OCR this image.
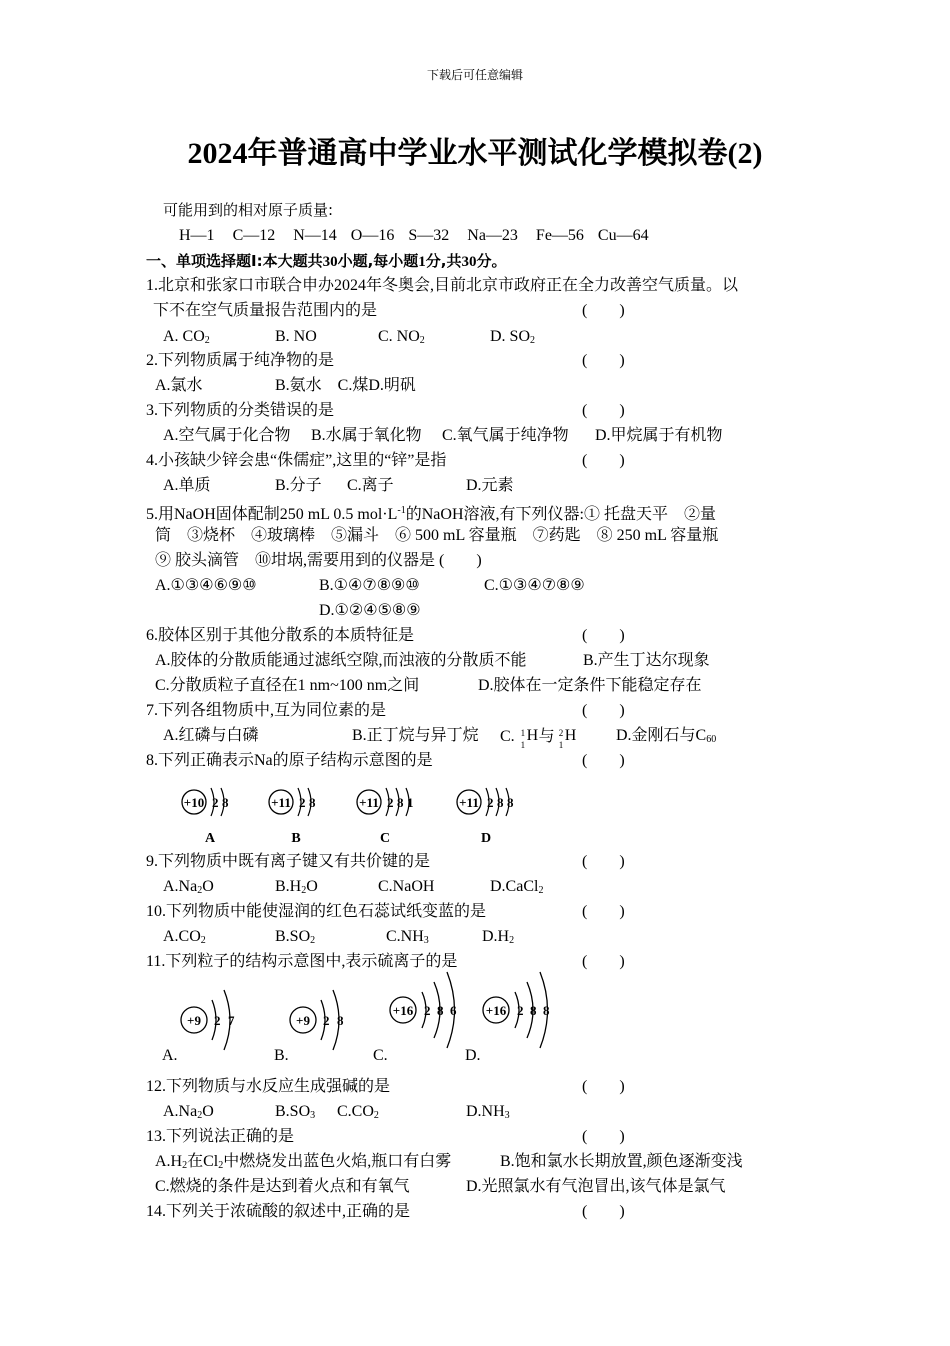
下载后可任意编辑
2024年普通高中学业水平测试化学模拟卷(2)
可能用到的相对原子质量:
H—1 C—12 N—14 O—16 S—32 Na—23 Fe—56 Cu—64
一、单项选择题Ⅰ:本大题共30小题,每小题1分,共30分。
1.北京和张家口市联合申办2024年冬奥会,目前北京市政府正在全力改善空气质量。以
下不在空气质量报告范围内的是	(　　)
A. $CO_2$	B. NO	C. $NO_2$	D. $SO_2$
2.下列物质属于纯净物的是	(　　)
A.氯水	B.氨水　C.煤D.明矾
3.下列物质的分类错误的是	(　　)
A.空气属于化合物 B.水属于氧化物 C.氧气属于纯净物 D.甲烷属于有机物
4.小孩缺少锌会患“侏儒症”,这里的“锌”是指	(　　)
A.单质	B.分子 C.离子	D.元素
5.用NaOH固体配制250 mL 0.5 $mol\cdot L^{-1}$的NaOH溶液,有下列仪器:① 托盘天平　②量
筒　③烧杯　④玻璃棒　⑤漏斗　⑥ 500 mL 容量瓶　⑦药匙　⑧ 250 mL 容量瓶
⑨ 胶头滴管　⑩坩埚,需要用到的仪器是 (　　)
A.①③④⑥⑨⑩	B.①④⑦⑧⑨⑩	C.①③④⑦⑧⑨
D.①②④⑤⑧⑨
6.胶体区别于其他分散系的本质特征是	(　　)
A.胶体的分散质能通过滤纸空隙,而浊液的分散质不能	B.产生丁达尔现象
C.分散质粒子直径在1 nm~100 nm之间	D.胶体在一定条件下能稳定存在
7.下列各组物质中,互为同位素的是	(　　)
A.红磷与白磷	B.正丁烷与异丁烷 C. 1
1
H 与 2
1
H D.金刚石与$C_{60}$
8.下列正确表示Na的原子结构示意图的是	(　　)
+10 2 8
A
+11 2 8
B
+11 2 8 1
C
+11 2 8 8
D
9.下列物质中既有离子键又有共价键的是	(　　)
$A.Na_2O$	$B.H_2O$	C.NaOH	D.CaCl$_2$
10.下列物质中能使湿润的红色石蕊试纸变蓝的是	(　　)
$A.CO_2$	$B.SO_2$	$C.NH_3$	$D.H_2$
11.下列粒子的结构示意图中,表示硫离子的是	(　　)
+9 2 7
A.
+9 2 8
B.
+16 2 8 6
C.
+16 2 8 8
D.
12.下列物质与水反应生成强碱的是	(　　)
$A.Na_2O$	$B.SO_3$ $C.CO_2$	$D.NH_3$
13.下列说法正确的是	(　　)
$A.H_2$在$Cl_2$中燃烧发出蓝色火焰,瓶口有白雾	B.饱和氯水长期放置,颜色逐渐变浅
C.燃烧的条件是达到着火点和有氧气	D.光照氯水有气泡冒出,该气体是氯气
14.下列关于浓硫酸的叙述中,正确的是	(　　)
